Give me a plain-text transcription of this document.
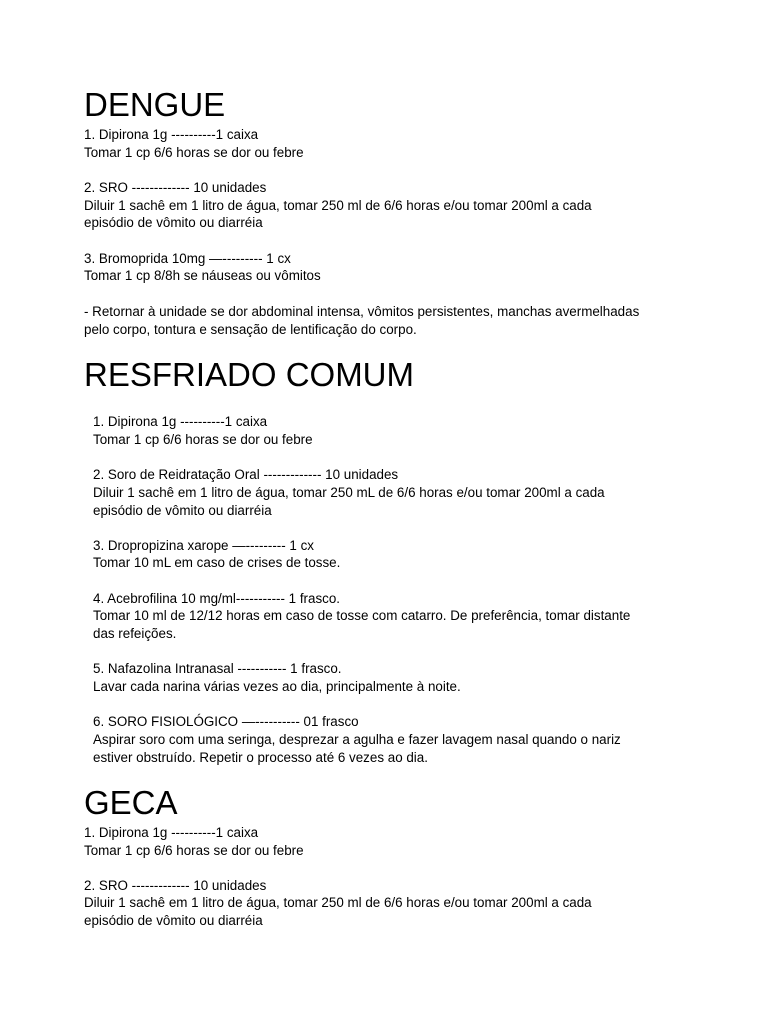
DENGUE
1. Dipirona 1g ----------1 caixa
Tomar 1 cp 6/6 horas se dor ou febre
2. SRO ------------- 10 unidades
Diluir 1 sachê em 1 litro de água, tomar 250 ml de 6/6 horas e/ou tomar 200ml a cada
episódio de vômito ou diarréia
3. Bromoprida 10mg —--------- 1 cx
Tomar 1 cp 8/8h se náuseas ou vômitos
- Retornar à unidade se dor abdominal intensa, vômitos persistentes, manchas avermelhadas
pelo corpo, tontura e sensação de lentificação do corpo.
RESFRIADO COMUM
1. Dipirona 1g ----------1 caixa
Tomar 1 cp 6/6 horas se dor ou febre
2. Soro de Reidratação Oral ------------- 10 unidades
Diluir 1 sachê em 1 litro de água, tomar 250 mL de 6/6 horas e/ou tomar 200ml a cada
episódio de vômito ou diarréia
3. Dropropizina xarope —--------- 1 cx
Tomar 10 mL em caso de crises de tosse.
4. Acebrofilina 10 mg/ml----------- 1 frasco.
Tomar 10 ml de 12/12 horas em caso de tosse com catarro. De preferência, tomar distante
das refeições.
5. Nafazolina Intranasal ----------- 1 frasco.
Lavar cada narina várias vezes ao dia, principalmente à noite.
6. SORO FISIOLÓGICO —---------- 01 frasco
Aspirar soro com uma seringa, desprezar a agulha e fazer lavagem nasal quando o nariz
estiver obstruído. Repetir o processo até 6 vezes ao dia.
GECA
1. Dipirona 1g ----------1 caixa
Tomar 1 cp 6/6 horas se dor ou febre
2. SRO ------------- 10 unidades
Diluir 1 sachê em 1 litro de água, tomar 250 ml de 6/6 horas e/ou tomar 200ml a cada
episódio de vômito ou diarréia
